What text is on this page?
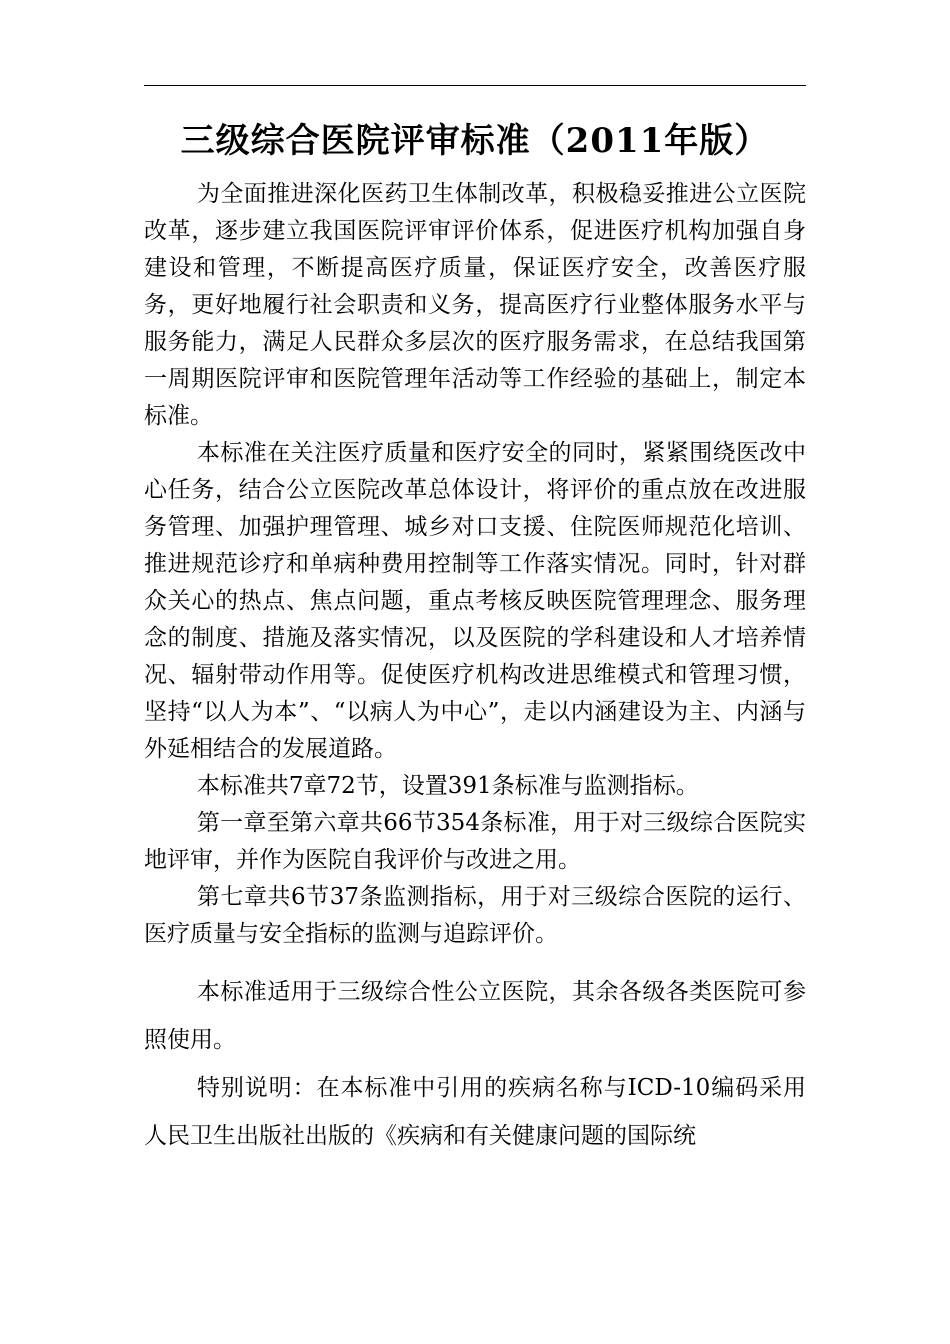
三级综合医院评审标准（2011年版）

为全面推进深化医药卫生体制改革，积极稳妥推进公立医院改革，逐步建立我国医院评审评价体系，促进医疗机构加强自身建设和管理，不断提高医疗质量，保证医疗安全，改善医疗服务，更好地履行社会职责和义务，提高医疗行业整体服务水平与服务能力，满足人民群众多层次的医疗服务需求，在总结我国第一周期医院评审和医院管理年活动等工作经验的基础上，制定本标准。

本标准在关注医疗质量和医疗安全的同时，紧紧围绕医改中心任务，结合公立医院改革总体设计，将评价的重点放在改进服务管理、加强护理管理、城乡对口支援、住院医师规范化培训、推进规范诊疗和单病种费用控制等工作落实情况。同时，针对群众关心的热点、焦点问题，重点考核反映医院管理理念、服务理念的制度、措施及落实情况，以及医院的学科建设和人才培养情况、辐射带动作用等。促使医疗机构改进思维模式和管理习惯，坚持“以人为本”、“以病人为中心”，走以内涵建设为主、内涵与外延相结合的发展道路。

本标准共7章72节，设置391条标准与监测指标。

第一章至第六章共66节354条标准，用于对三级综合医院实地评审，并作为医院自我评价与改进之用。

第七章共6节37条监测指标，用于对三级综合医院的运行、医疗质量与安全指标的监测与追踪评价。

本标准适用于三级综合性公立医院，其余各级各类医院可参照使用。

特别说明：在本标准中引用的疾病名称与ICD-10编码采用人民卫生出版社出版的《疾病和有关健康问题的国际统
